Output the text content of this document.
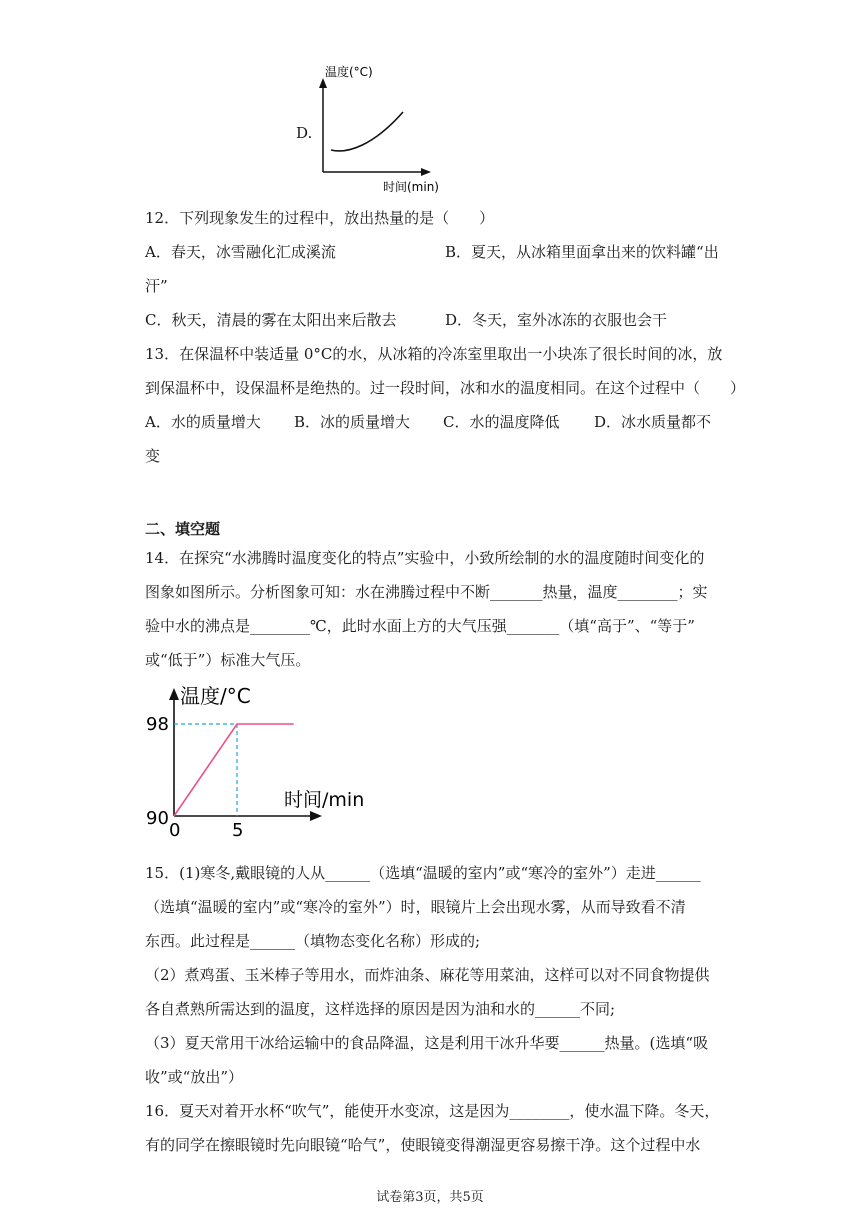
D.
温度(°C)
时间(min)
12．下列现象发生的过程中，放出热量的是（　　）
A．春天，冰雪融化汇成溪流	B．夏天，从冰箱里面拿出来的饮料罐“出
汗”
C．秋天，清晨的雾在太阳出来后散去	D．冬天，室外冰冻的衣服也会干
13．在保温杯中装适量 0°C的水，从冰箱的冷冻室里取出一小块冻了很长时间的冰，放
到保温杯中，设保温杯是绝热的。过一段时间，冰和水的温度相同。在这个过程中（　　）
A．水的质量增大 B．冰的质量增大 C．水的温度降低 D．冰水质量都不
变
二、填空题
14．在探究“水沸腾时温度变化的特点”实验中，小致所绘制的水的温度随时间变化的
图象如图所示。分析图象可知：水在沸腾过程中不断_______热量，温度________；实
验中水的沸点是________℃，此时水面上方的大气压强_______（填“高于”、“等于”
或“低于”）标准大气压。
温度/°C
时间/min
98
90
0	5
15．(1)寒冬,戴眼镜的人从______（选填“温暖的室内”或“寒冷的室外”）走进______
（选填“温暖的室内”或“寒冷的室外”）时，眼镜片上会出现水雾，从而导致看不清
东西。此过程是______（填物态变化名称）形成的;
（2）煮鸡蛋、玉米棒子等用水，而炸油条、麻花等用菜油，这样可以对不同食物提供
各自煮熟所需达到的温度，这样选择的原因是因为油和水的______不同;
（3）夏天常用干冰给运输中的食品降温，这是利用干冰升华要______热量。(选填“吸
收”或“放出”）
16．夏天对着开水杯“吹气”，能使开水变凉，这是因为________，使水温下降。冬天，
有的同学在擦眼镜时先向眼镜“哈气”，使眼镜变得潮湿更容易擦干净。这个过程中水
试卷第3页，共5页
